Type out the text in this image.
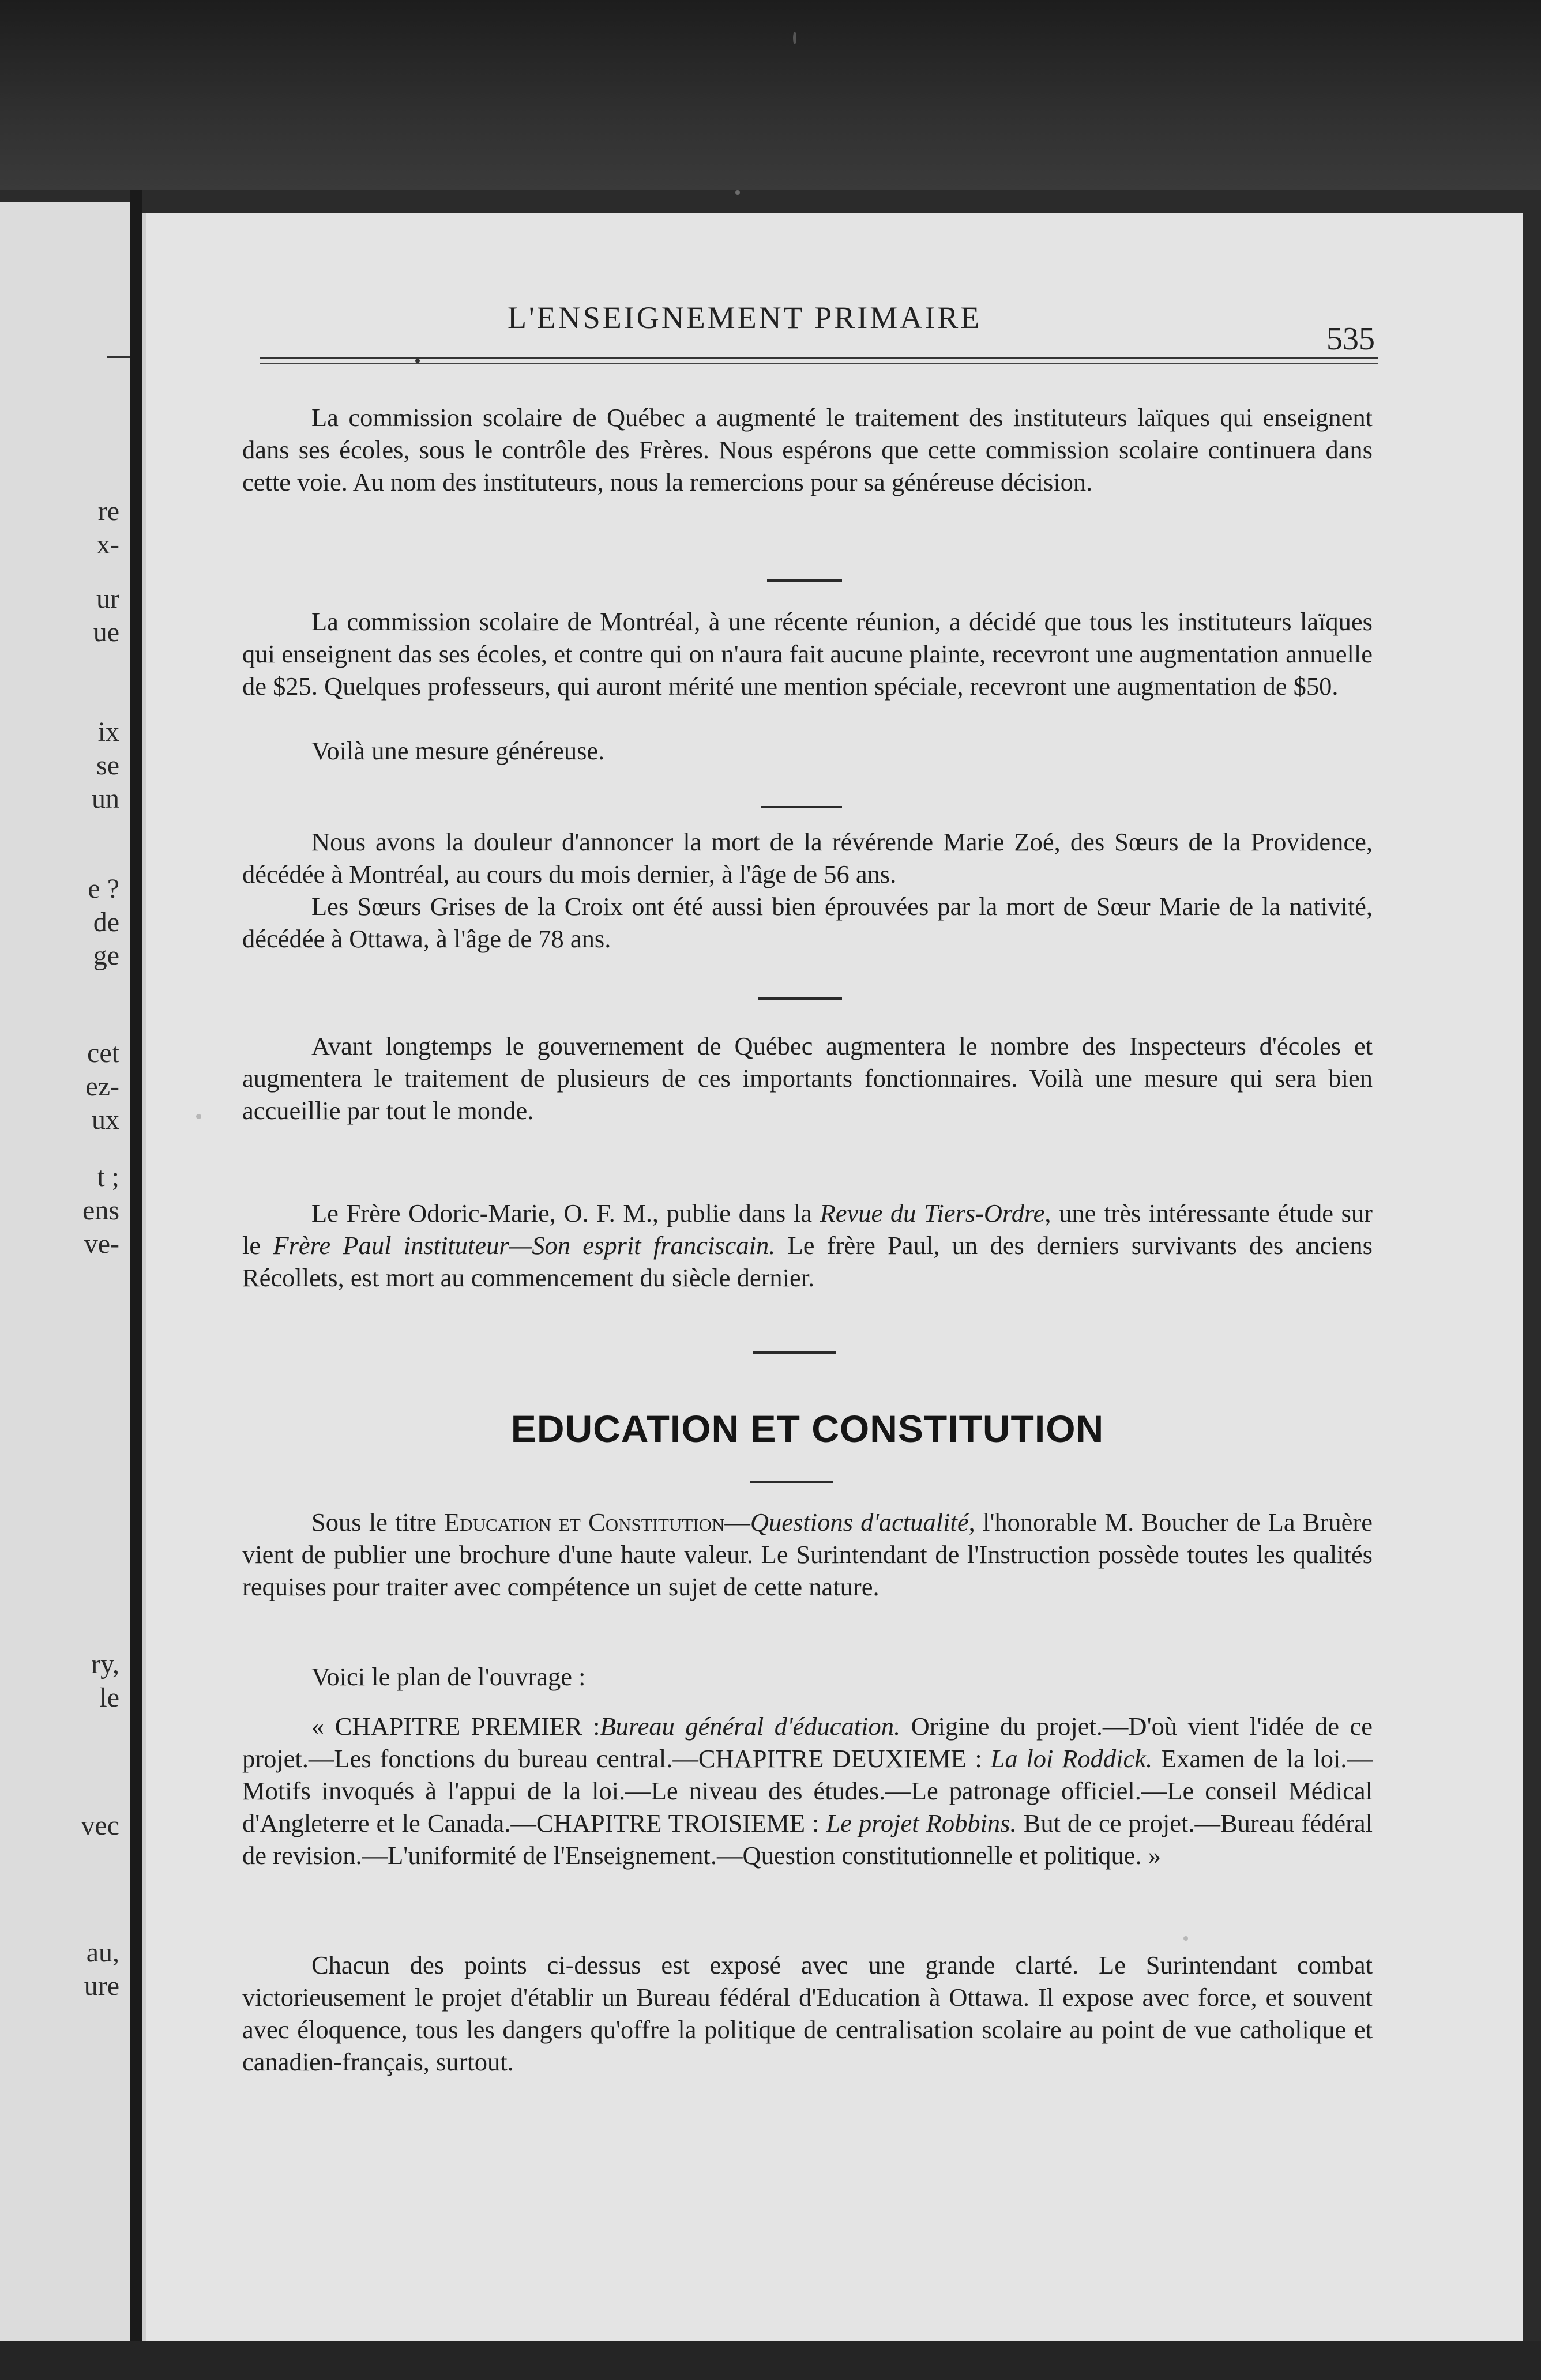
re
x-
ur
ue
ix
se
un
e ?
de
ge
cet
ez-
ux
t ;
ens
ve-
ry,
le
vec
au,
ure
L'ENSEIGNEMENT PRIMAIRE
535
La commission scolaire de Québec a augmenté le traitement des instituteurs laïques qui enseignent dans ses écoles, sous le contrôle des Frères. Nous espérons que cette commission scolaire continuera dans cette voie. Au nom des instituteurs, nous la remercions pour sa généreuse décision.
La commission scolaire de Montréal, à une récente réunion, a décidé que tous les instituteurs laïques qui enseignent das ses écoles, et contre qui on n'aura fait aucune plainte, recevront une augmentation annuelle de $25. Quelques professeurs, qui auront mérité une mention spéciale, recevront une augmentation de $50.
Voilà une mesure généreuse.
Nous avons la douleur d'annoncer la mort de la révérende Marie Zoé, des Sœurs de la Providence, décédée à Montréal, au cours du mois dernier, à l'âge de 56 ans.
Les Sœurs Grises de la Croix ont été aussi bien éprouvées par la mort de Sœur Marie de la nativité, décédée à Ottawa, à l'âge de 78 ans.
Avant longtemps le gouvernement de Québec augmentera le nombre des Inspecteurs d'écoles et augmentera le traitement de plusieurs de ces importants fonctionnaires. Voilà une mesure qui sera bien accueillie par tout le monde.
Le Frère Odoric-Marie, O. F. M., publie dans la Revue du Tiers-Ordre, une très intéressante étude sur le Frère Paul instituteur—Son esprit franciscain. Le frère Paul, un des derniers survivants des anciens Récollets, est mort au commencement du siècle dernier.
EDUCATION ET CONSTITUTION
Sous le titre Education et Constitution—Questions d'actualité, l'honorable M. Boucher de La Bruère vient de publier une brochure d'une haute valeur. Le Surintendant de l'Instruction possède toutes les qualités requises pour traiter avec compétence un sujet de cette nature.
Voici le plan de l'ouvrage :
« CHAPITRE PREMIER :Bureau général d'éducation. Origine du projet.—D'où vient l'idée de ce projet.—Les fonctions du bureau central.—CHAPITRE DEUXIEME : La loi Roddick. Examen de la loi.—Motifs invoqués à l'appui de la loi.—Le niveau des études.—Le patronage officiel.—Le conseil Médical d'Angleterre et le Canada.—CHAPITRE TROISIEME : Le projet Robbins. But de ce projet.—Bureau fédéral de revision.—L'uniformité de l'Enseignement.—Question constitutionnelle et politique. »
Chacun des points ci-dessus est exposé avec une grande clarté. Le Surintendant combat victorieusement le projet d'établir un Bureau fédéral d'Education à Ottawa. Il expose avec force, et souvent avec éloquence, tous les dangers qu'offre la politique de centralisation scolaire au point de vue catholique et canadien-français, surtout.
